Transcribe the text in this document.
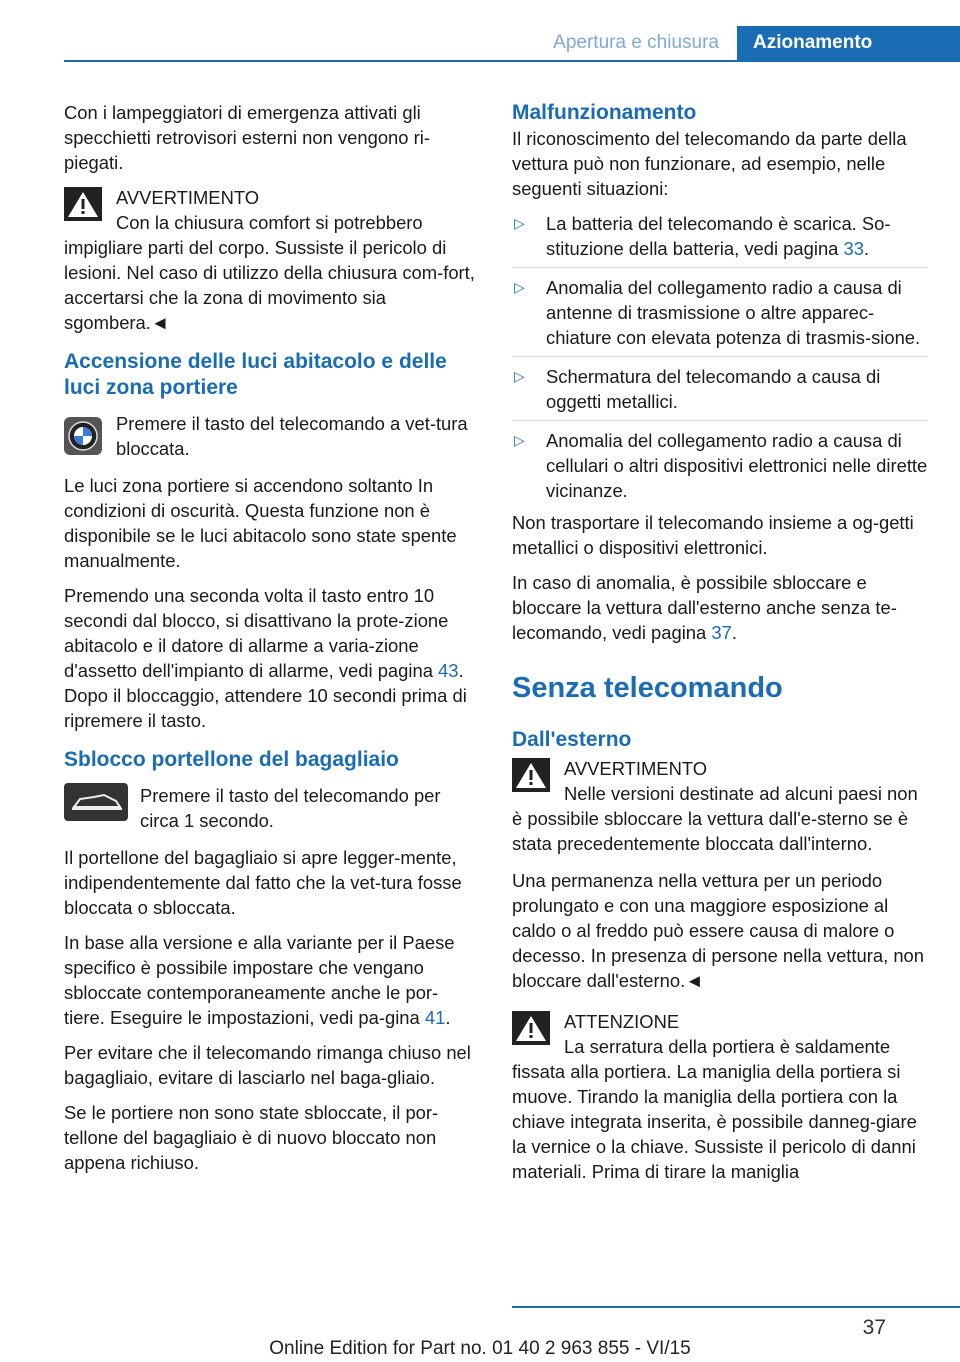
Apertura e chiusura	Azionamento

Con i lampeggiatori di emergenza attivati gli specchietti retrovisori esterni non vengono ri-piegati.

AVVERTIMENTO

Con la chiusura comfort si potrebbero impigliare parti del corpo. Sussiste il pericolo di lesioni. Nel caso di utilizzo della chiusura com-fort, accertarsi che la zona di movimento sia sgombera.◄

Accensione delle luci abitacolo e delle luci zona portiere

Premere il tasto del telecomando a vet-tura bloccata.

Le luci zona portiere si accendono soltanto In condizioni di oscurità. Questa funzione non è disponibile se le luci abitacolo sono state spente manualmente.

Premendo una seconda volta il tasto entro 10 secondi dal blocco, si disattivano la prote-zione abitacolo e il datore di allarme a varia-zione d'assetto dell'impianto di allarme, vedi pagina 43. Dopo il bloccaggio, attendere 10 secondi prima di ripremere il tasto.

Sblocco portellone del bagagliaio

Premere il tasto del telecomando per circa 1 secondo.

Il portellone del bagagliaio si apre legger-mente, indipendentemente dal fatto che la vet-tura fosse bloccata o sbloccata.

In base alla versione e alla variante per il Paese specifico è possibile impostare che vengano sbloccate contemporaneamente anche le por-tiere. Eseguire le impostazioni, vedi pa-gina 41.

Per evitare che il telecomando rimanga chiuso nel bagagliaio, evitare di lasciarlo nel baga-gliaio.

Se le portiere non sono state sbloccate, il por-tellone del bagagliaio è di nuovo bloccato non appena richiuso.

Malfunzionamento

Il riconoscimento del telecomando da parte della vettura può non funzionare, ad esempio, nelle seguenti situazioni:

▷ La batteria del telecomando è scarica. So-stituzione della batteria, vedi pagina 33.
▷ Anomalia del collegamento radio a causa di antenne di trasmissione o altre apparec-chiature con elevata potenza di trasmis-sione.
▷ Schermatura del telecomando a causa di oggetti metallici.
▷ Anomalia del collegamento radio a causa di cellulari o altri dispositivi elettronici nelle dirette vicinanze.

Non trasportare il telecomando insieme a og-getti metallici o dispositivi elettronici.

In caso di anomalia, è possibile sbloccare e bloccare la vettura dall'esterno anche senza te-lecomando, vedi pagina 37.

Senza telecomando
Dall'esterno

AVVERTIMENTO

Nelle versioni destinate ad alcuni paesi non è possibile sbloccare la vettura dall'e-sterno se è stata precedentemente bloccata dall'interno.

Una permanenza nella vettura per un periodo prolungato e con una maggiore esposizione al caldo o al freddo può essere causa di malore o decesso. In presenza di persone nella vettura, non bloccare dall'esterno.◄

ATTENZIONE

La serratura della portiera è saldamente fissata alla portiera. La maniglia della portiera si muove. Tirando la maniglia della portiera con la chiave integrata inserita, è possibile danneg-giare la vernice o la chiave. Sussiste il pericolo di danni materiali. Prima di tirare la maniglia

37
Online Edition for Part no. 01 40 2 963 855 - VI/15
